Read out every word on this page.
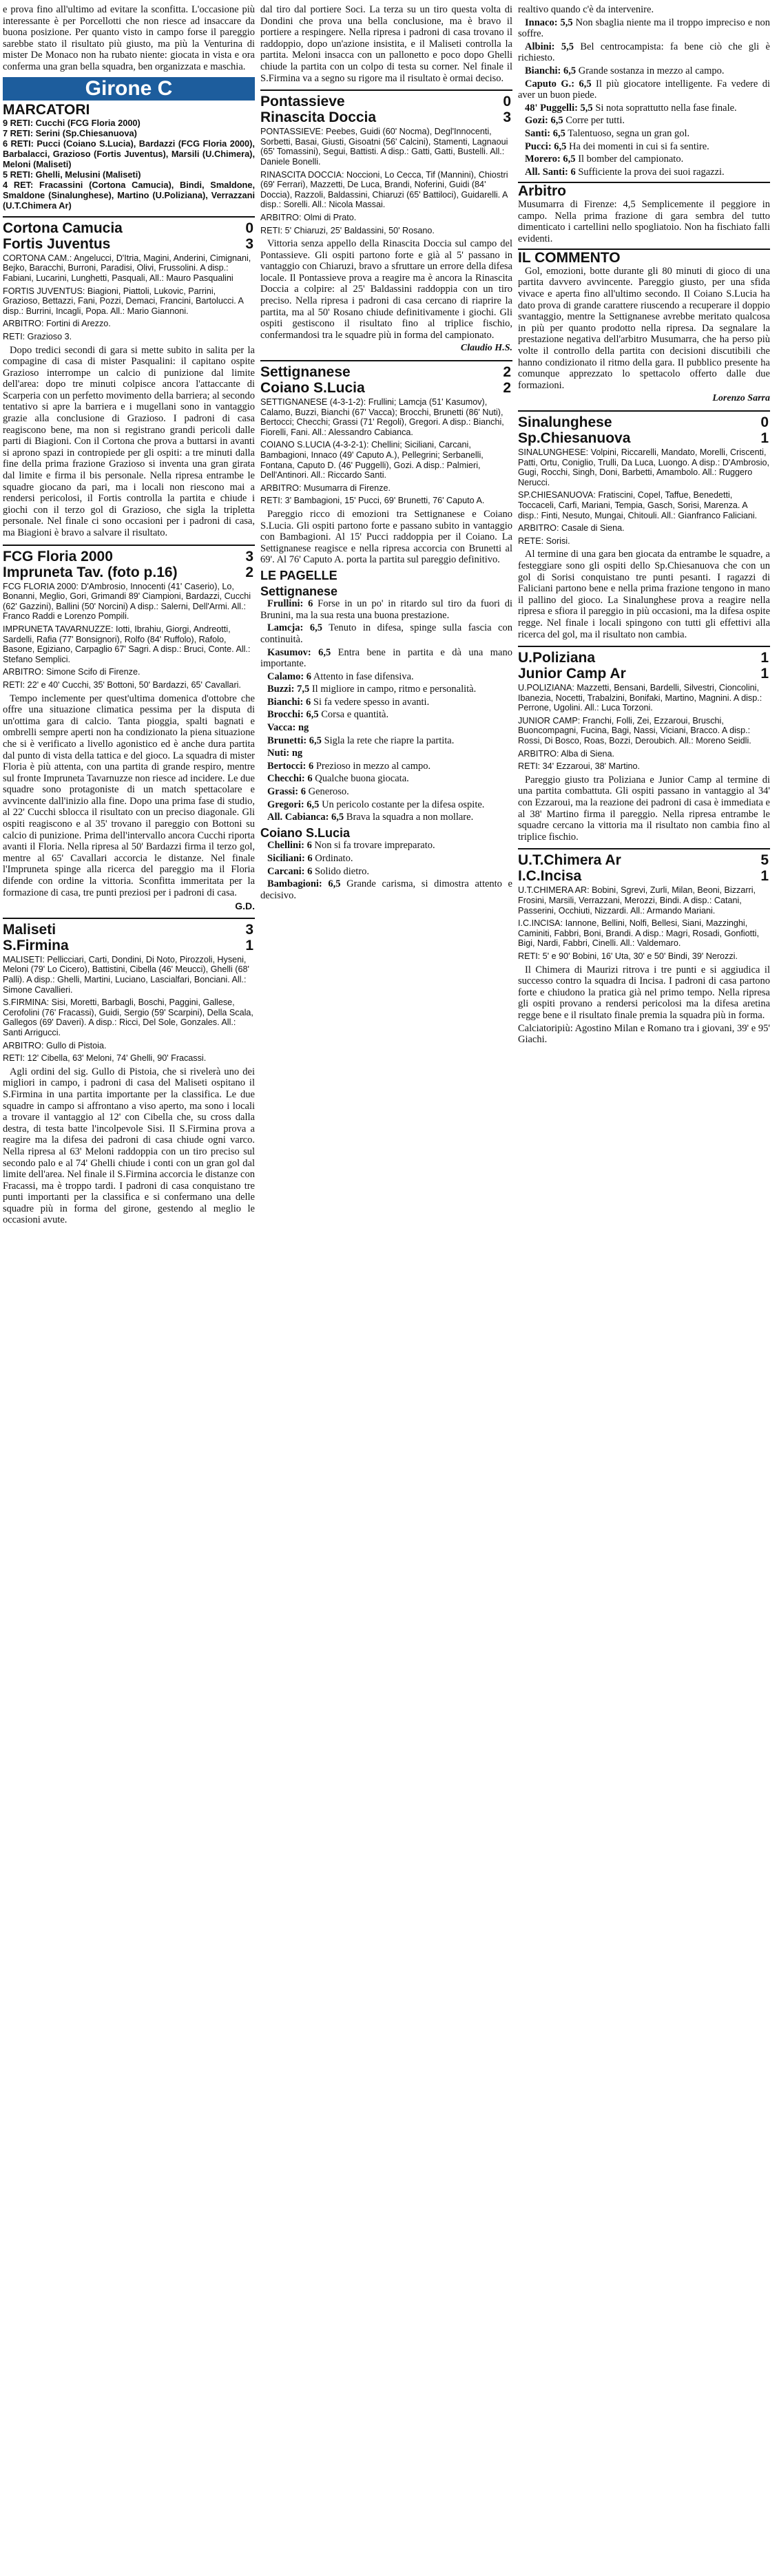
e prova fino all'ultimo ad evitare la sconfitta. L'occasione più interessante è per Porcellotti che non riesce ad insaccare da buona posizione. Per quanto visto in campo forse il pareggio sarebbe stato il risultato più giusto, ma più la Venturina di mister De Monaco non ha rubato niente: giocata in vista e ora conferma una gran bella squadra, ben organizzata e maschia.

Girone C
MARCATORI
9 RETI: Cucchi (FCG Floria 2000)
7 RETI: Serini (Sp.Chiesanuova)
6 RETI: Pucci (Coiano S.Lucia), Bardazzi (FCG Floria 2000), Barbalacci, Grazioso (Fortis Juventus), Marsili (U.Chimera), Meloni (Maliseti)
5 RETI: Ghelli, Melusini (Maliseti)
4 RET: Fracassini (Cortona Camucia), Bindi, Smaldone, Smaldone (Sinalunghese), Martino (U.Poliziana), Verrazzani (U.T.Chimera Ar)
Cortona Camucia	0
Fortis Juventus	3
CORTONA CAM.: Angelucci, D'Itria, Magini, Anderini, Cimignani, Bejko, Baracchi, Burroni, Paradisi, Olivi, Frussolini. A disp.: Fabiani, Lucarini, Lunghetti, Pasquali, All.: Mauro Pasqualini
FORTIS JUVENTUS: Biagioni, Piattoli, Lukovic, Parrini, Grazioso, Bettazzi, Fani, Pozzi, Demaci, Francini, Bartolucci. A disp.: Burrini, Incagli, Popa. All.: Mario Giannoni.
ARBITRO: Fortini di Arezzo.
RETI: Grazioso 3.

Dopo tredici secondi di gara si mette subito in salita per la compagine di casa di mister Pasqualini: il capitano ospite Grazioso interrompe un calcio di punizione dal limite dell'area: dopo tre minuti colpisce ancora l'attaccante di Scarperia con un perfetto movimento della barriera; al secondo tentativo si apre la barriera e i mugellani sono in vantaggio grazie alla conclusione di Grazioso. I padroni di casa reagiscono bene, ma non si registrano grandi pericoli dalle parti di Biagioni. Con il Cortona che prova a buttarsi in avanti si aprono spazi in contropiede per gli ospiti: a tre minuti dalla fine della prima frazione Grazioso si inventa una gran girata dal limite e firma il bis personale. Nella ripresa entrambe le squadre giocano da pari, ma i locali non riescono mai a rendersi pericolosi, il Fortis controlla la partita e chiude i giochi con il terzo gol di Grazioso, che sigla la tripletta personale. Nel finale ci sono occasioni per i padroni di casa, ma Biagioni è bravo a salvare il risultato.

FCG Floria 2000	3
Impruneta Tav. (foto p.16)	2
FCG FLORIA 2000: D'Ambrosio, Innocenti (41' Caserio), Lo, Bonanni, Meglio, Gori, Grimandi 89' Ciampioni, Bardazzi, Cucchi (62' Gazzini), Ballini (50' Norcini) A disp.: Salerni, Dell'Armi. All.: Franco Raddi e Lorenzo Pompili.
IMPRUNETA TAVARNUZZE: Iotti, Ibrahiu, Giorgi, Andreotti, Sardelli, Rafia (77' Bonsignori), Rolfo (84' Ruffolo), Rafolo, Basone, Egiziano, Carpaglio 67' Sagri. A disp.: Bruci, Conte. All.: Stefano Semplici.
ARBITRO: Simone Scifo di Firenze.
RETI: 22' e 40' Cucchi, 35' Bottoni, 50' Bardazzi, 65' Cavallari.

Tempo inclemente per quest'ultima domenica d'ottobre che offre una situazione climatica pessima per la disputa di un'ottima gara di calcio. Tanta pioggia, spalti bagnati e ombrelli sempre aperti non ha condizionato la piena situazione che si è verificato a livello agonistico ed è anche dura partita dal punto di vista della tattica e del gioco. La squadra di mister Floria è più attenta, con una partita di grande respiro, mentre sul fronte Impruneta Tavarnuzze non riesce ad incidere. Le due squadre sono protagoniste di un match spettacolare e avvincente dall'inizio alla fine. Dopo una prima fase di studio, al 22' Cucchi sblocca il risultato con un preciso diagonale. Gli ospiti reagiscono e al 35' trovano il pareggio con Bottoni su calcio di punizione. Prima dell'intervallo ancora Cucchi riporta avanti il Floria. Nella ripresa al 50' Bardazzi firma il terzo gol, mentre al 65' Cavallari accorcia le distanze. Nel finale l'Impruneta spinge alla ricerca del pareggio ma il Floria difende con ordine la vittoria. Sconfitta immeritata per la formazione di casa, tre punti preziosi per i padroni di casa.

G.D.
Maliseti	3
S.Firmina	1
MALISETI: Pellicciari, Carti, Dondini, Di Noto, Pirozzoli, Hyseni, Meloni (79' Lo Cicero), Battistini, Cibella (46' Meucci), Ghelli (68' Palli). A disp.: Ghelli, Martini, Luciano, Lascialfari, Bonciani. All.: Simone Cavallieri.
S.FIRMINA: Sisi, Moretti, Barbagli, Boschi, Paggini, Gallese, Cerofolini (76' Fracassi), Guidi, Sergio (59' Scarpini), Della Scala, Gallegos (69' Daveri). A disp.: Ricci, Del Sole, Gonzales. All.: Santi Arrigucci.
ARBITRO: Gullo di Pistoia.
RETI: 12' Cibella, 63' Meloni, 74' Ghelli, 90' Fracassi.

Agli ordini del sig. Gullo di Pistoia, che si rivelerà uno dei migliori in campo, i padroni di casa del Maliseti ospitano il S.Firmina in una partita importante per la classifica. Le due squadre in campo si affrontano a viso aperto, ma sono i locali a trovare il vantaggio al 12' con Cibella che, su cross dalla destra, di testa batte l'incolpevole Sisi. Il S.Firmina prova a reagire ma la difesa dei padroni di casa chiude ogni varco. Nella ripresa al 63' Meloni raddoppia con un tiro preciso sul secondo palo e al 74' Ghelli chiude i conti con un gran gol dal limite dell'area. Nel finale il S.Firmina accorcia le distanze con Fracassi, ma è troppo tardi. I padroni di casa conquistano tre punti importanti per la classifica e si confermano una delle squadre più in forma del girone, gestendo al meglio le occasioni avute.

dal tiro dal portiere Soci. La terza su un tiro questa volta di Dondini che prova una bella conclusione, ma è bravo il portiere a respingere. Nella ripresa i padroni di casa trovano il raddoppio, dopo un'azione insistita, e il Maliseti controlla la partita. Meloni insacca con un pallonetto e poco dopo Ghelli chiude la partita con un colpo di testa su corner. Nel finale il S.Firmina va a segno su rigore ma il risultato è ormai deciso.

Pontassieve	0
Rinascita Doccia	3
PONTASSIEVE: Peebes, Guidi (60' Nocma), Degl'Innocenti, Sorbetti, Basai, Giusti, Gisoatni (56' Calcini), Stamenti, Lagnaoui (65' Tomassini), Segui, Battisti. A disp.: Gatti, Gatti, Bustelli. All.: Daniele Bonelli.
RINASCITA DOCCIA: Noccioni, Lo Cecca, Tif (Mannini), Chiostri (69' Ferrari), Mazzetti, De Luca, Brandi, Noferini, Guidi (84' Doccia), Razzoli, Baldassini, Chiaruzi (65' Battiloci), Guidarelli. A disp.: Sorelli. All.: Nicola Massai.
ARBITRO: Olmi di Prato.
RETI: 5' Chiaruzi, 25' Baldassini, 50' Rosano.

Vittoria senza appello della Rinascita Doccia sul campo del Pontassieve. Gli ospiti partono forte e già al 5' passano in vantaggio con Chiaruzi, bravo a sfruttare un errore della difesa locale. Il Pontassieve prova a reagire ma è ancora la Rinascita Doccia a colpire: al 25' Baldassini raddoppia con un tiro preciso. Nella ripresa i padroni di casa cercano di riaprire la partita, ma al 50' Rosano chiude definitivamente i giochi. Gli ospiti gestiscono il risultato fino al triplice fischio, confermandosi tra le squadre più in forma del campionato.

Claudio H.S.
Settignanese	2
Coiano S.Lucia	2
SETTIGNANESE (4-3-1-2): Frullini; Lamcja (51' Kasumov), Calamo, Buzzi, Bianchi (67' Vacca); Brocchi, Brunetti (86' Nuti), Bertocci; Checchi; Grassi (71' Regoli), Gregori. A disp.: Bianchi, Fiorelli, Fani. All.: Alessandro Cabianca.
COIANO S.LUCIA (4-3-2-1): Chellini; Siciliani, Carcani, Bambagioni, Innaco (49' Caputo A.), Pellegrini; Serbanelli, Fontana, Caputo D. (46' Puggelli), Gozi. A disp.: Palmieri, Dell'Antinori. All.: Riccardo Santi.
ARBITRO: Musumarra di Firenze.
RETI: 3' Bambagioni, 15' Pucci, 69' Brunetti, 76' Caputo A.

Pareggio ricco di emozioni tra Settignanese e Coiano S.Lucia. Gli ospiti partono forte e passano subito in vantaggio con Bambagioni. Al 15' Pucci raddoppia per il Coiano. La Settignanese reagisce e nella ripresa accorcia con Brunetti al 69'. Al 76' Caputo A. porta la partita sul pareggio definitivo.

LE PAGELLE
Settignanese

Frullini: 6 Forse in un po' in ritardo sul tiro da fuori di Brunini, ma la sua resta una buona prestazione.

Lamcja: 6,5 Tenuto in difesa, spinge sulla fascia con continuità.

Kasumov: 6,5 Entra bene in partita e dà una mano importante.

Calamo: 6 Attento in fase difensiva.

Buzzi: 7,5 Il migliore in campo, ritmo e personalità.

Bianchi: 6 Si fa vedere spesso in avanti.

Brocchi: 6,5 Corsa e quantità.

Vacca: ng

Brunetti: 6,5 Sigla la rete che riapre la partita.

Nuti: ng

Bertocci: 6 Prezioso in mezzo al campo.

Checchi: 6 Qualche buona giocata.

Grassi: 6 Generoso.

Gregori: 6,5 Un pericolo costante per la difesa ospite.

All. Cabianca: 6,5 Brava la squadra a non mollare.

Coiano S.Lucia

Chellini: 6 Non si fa trovare impreparato.

Siciliani: 6 Ordinato.

Carcani: 6 Solido dietro.

Bambagioni: 6,5 Grande carisma, si dimostra attento e decisivo.

realtivo quando c'è da intervenire.

Innaco: 5,5 Non sbaglia niente ma il troppo impreciso e non soffre.

Albini: 5,5 Bel centrocampista: fa bene ciò che gli è richiesto.

Bianchi: 6,5 Grande sostanza in mezzo al campo.

Caputo G.: 6,5 Il più giocatore intelligente. Fa vedere di aver un buon piede.

48' Puggelli: 5,5 Si nota soprattutto nella fase finale.

Gozi: 6,5 Corre per tutti.

Santi: 6,5 Talentuoso, segna un gran gol.

Pucci: 6,5 Ha dei momenti in cui si fa sentire.

Morero: 6,5 Il bomber del campionato.

All. Santi: 6 Sufficiente la prova dei suoi ragazzi.

Arbitro

Musumarra di Firenze: 4,5 Semplicemente il peggiore in campo. Nella prima frazione di gara sembra del tutto dimenticato i cartellini nello spogliatoio. Non ha fischiato falli evidenti.

IL COMMENTO

Gol, emozioni, botte durante gli 80 minuti di gioco di una partita davvero avvincente. Pareggio giusto, per una sfida vivace e aperta fino all'ultimo secondo. Il Coiano S.Lucia ha dato prova di grande carattere riuscendo a recuperare il doppio svantaggio, mentre la Settignanese avrebbe meritato qualcosa in più per quanto prodotto nella ripresa. Da segnalare la prestazione negativa dell'arbitro Musumarra, che ha perso più volte il controllo della partita con decisioni discutibili che hanno condizionato il ritmo della gara. Il pubblico presente ha comunque apprezzato lo spettacolo offerto dalle due formazioni.

Lorenzo Sarra
Sinalunghese	0
Sp.Chiesanuova	1
SINALUNGHESE: Volpini, Riccarelli, Mandato, Morelli, Criscenti, Patti, Ortu, Coniglio, Trulli, Da Luca, Luongo. A disp.: D'Ambrosio, Gugi, Rocchi, Singh, Doni, Barbetti, Amambolo. All.: Ruggero Nerucci.
SP.CHIESANUOVA: Fratiscini, Copel, Taffue, Benedetti, Toccaceli, Carfi, Mariani, Tempia, Gasch, Sorisi, Marenza. A disp.: Finti, Nesuto, Mungai, Chitouli. All.: Gianfranco Faliciani.
ARBITRO: Casale di Siena.
RETE: Sorisi.

Al termine di una gara ben giocata da entrambe le squadre, a festeggiare sono gli ospiti dello Sp.Chiesanuova che con un gol di Sorisi conquistano tre punti pesanti. I ragazzi di Faliciani partono bene e nella prima frazione tengono in mano il pallino del gioco. La Sinalunghese prova a reagire nella ripresa e sfiora il pareggio in più occasioni, ma la difesa ospite regge. Nel finale i locali spingono con tutti gli effettivi alla ricerca del gol, ma il risultato non cambia.

U.Poliziana	1
Junior Camp Ar	1
U.POLIZIANA: Mazzetti, Bensani, Bardelli, Silvestri, Cioncolini, Ibanezia, Nocetti, Trabalzini, Bonifaki, Martino, Magnini. A disp.: Perrone, Ugolini. All.: Luca Torzoni.
JUNIOR CAMP: Franchi, Folli, Zei, Ezzaroui, Bruschi, Buoncompagni, Fucina, Bagi, Nassi, Viciani, Bracco. A disp.: Rossi, Di Bosco, Roas, Bozzi, Deroubich. All.: Moreno Seidli.
ARBITRO: Alba di Siena.
RETI: 34' Ezzaroui, 38' Martino.

Pareggio giusto tra Poliziana e Junior Camp al termine di una partita combattuta. Gli ospiti passano in vantaggio al 34' con Ezzaroui, ma la reazione dei padroni di casa è immediata e al 38' Martino firma il pareggio. Nella ripresa entrambe le squadre cercano la vittoria ma il risultato non cambia fino al triplice fischio.

U.T.Chimera Ar	5
I.C.Incisa	1
U.T.CHIMERA AR: Bobini, Sgrevi, Zurli, Milan, Beoni, Bizzarri, Frosini, Marsili, Verrazzani, Merozzi, Bindi. A disp.: Catani, Passerini, Occhiuti, Nizzardi. All.: Armando Mariani.
I.C.INCISA: Iannone, Bellini, Nolfi, Bellesi, Siani, Mazzinghi, Caminiti, Fabbri, Boni, Brandi. A disp.: Magri, Rosadi, Gonfiotti, Bigi, Nardi, Fabbri, Cinelli. All.: Valdemaro.
RETI: 5' e 90' Bobini, 16' Uta, 30' e 50' Bindi, 39' Nerozzi.

Il Chimera di Maurizi ritrova i tre punti e si aggiudica il successo contro la squadra di Incisa. I padroni di casa partono forte e chiudono la pratica già nel primo tempo. Nella ripresa gli ospiti provano a rendersi pericolosi ma la difesa aretina regge bene e il risultato finale premia la squadra più in forma.

Calciatoripiù: Agostino Milan e Romano tra i giovani, 39' e 95' Giachi.
